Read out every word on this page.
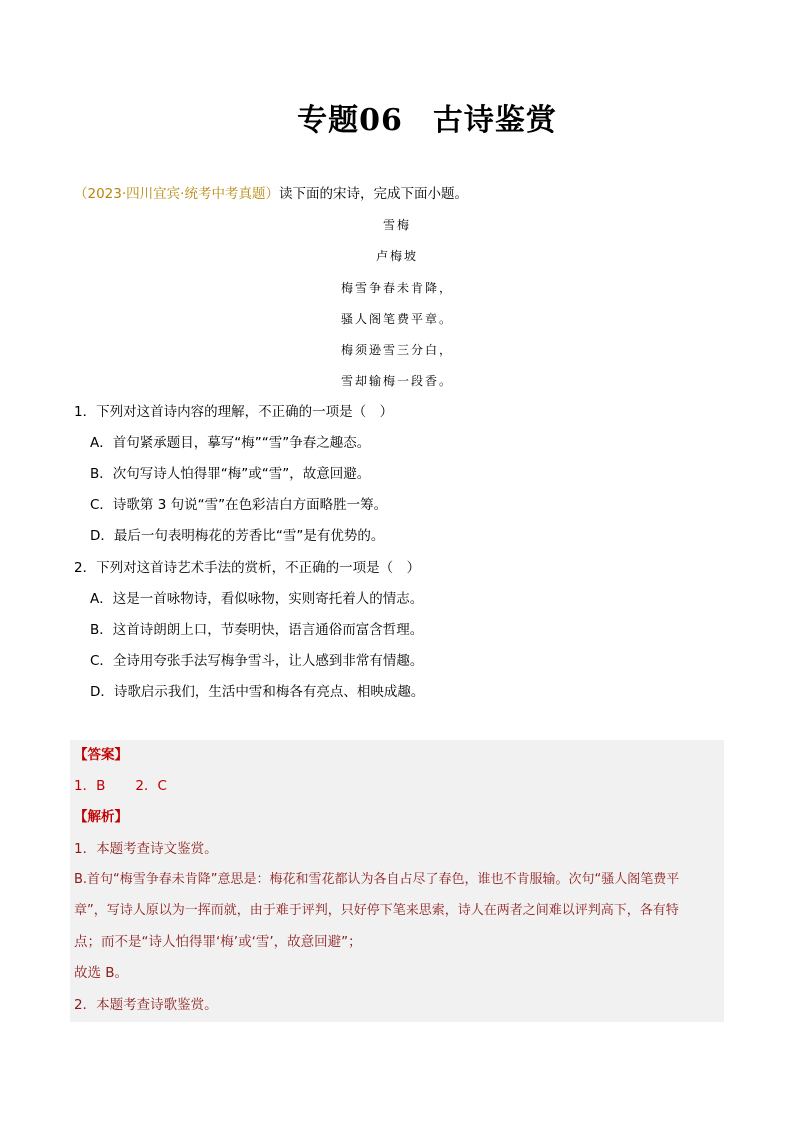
专题06 古诗鉴赏
（2023·四川宜宾·统考中考真题）读下面的宋诗，完成下面小题。
雪梅
卢梅坡
梅雪争春未肯降，
骚人阁笔费平章。
梅须逊雪三分白，
雪却输梅一段香。
1．下列对这首诗内容的理解，不正确的一项是（　）
A．首句紧承题目，摹写“梅”“雪”争春之趣态。
B．次句写诗人怕得罪“梅”或“雪”，故意回避。
C．诗歌第 3 句说“雪”在色彩洁白方面略胜一筹。
D．最后一句表明梅花的芳香比“雪”是有优势的。
2．下列对这首诗艺术手法的赏析，不正确的一项是（　）
A．这是一首咏物诗，看似咏物，实则寄托着人的情志。
B．这首诗朗朗上口，节奏明快，语言通俗而富含哲理。
C．全诗用夸张手法写梅争雪斗，让人感到非常有情趣。
D．诗歌启示我们，生活中雪和梅各有亮点、相映成趣。
【答案】
1．B 2．C
【解析】
1．本题考查诗文鉴赏。
B.首句“梅雪争春未肯降”意思是：梅花和雪花都认为各自占尽了春色，谁也不肯服输。次句“骚人阁笔费平
章”，写诗人原以为一挥而就，由于难于评判，只好停下笔来思索，诗人在两者之间难以评判高下，各有特
点；而不是“诗人怕得罪‘梅’或‘雪’，故意回避”；
故选 B。
2．本题考查诗歌鉴赏。
